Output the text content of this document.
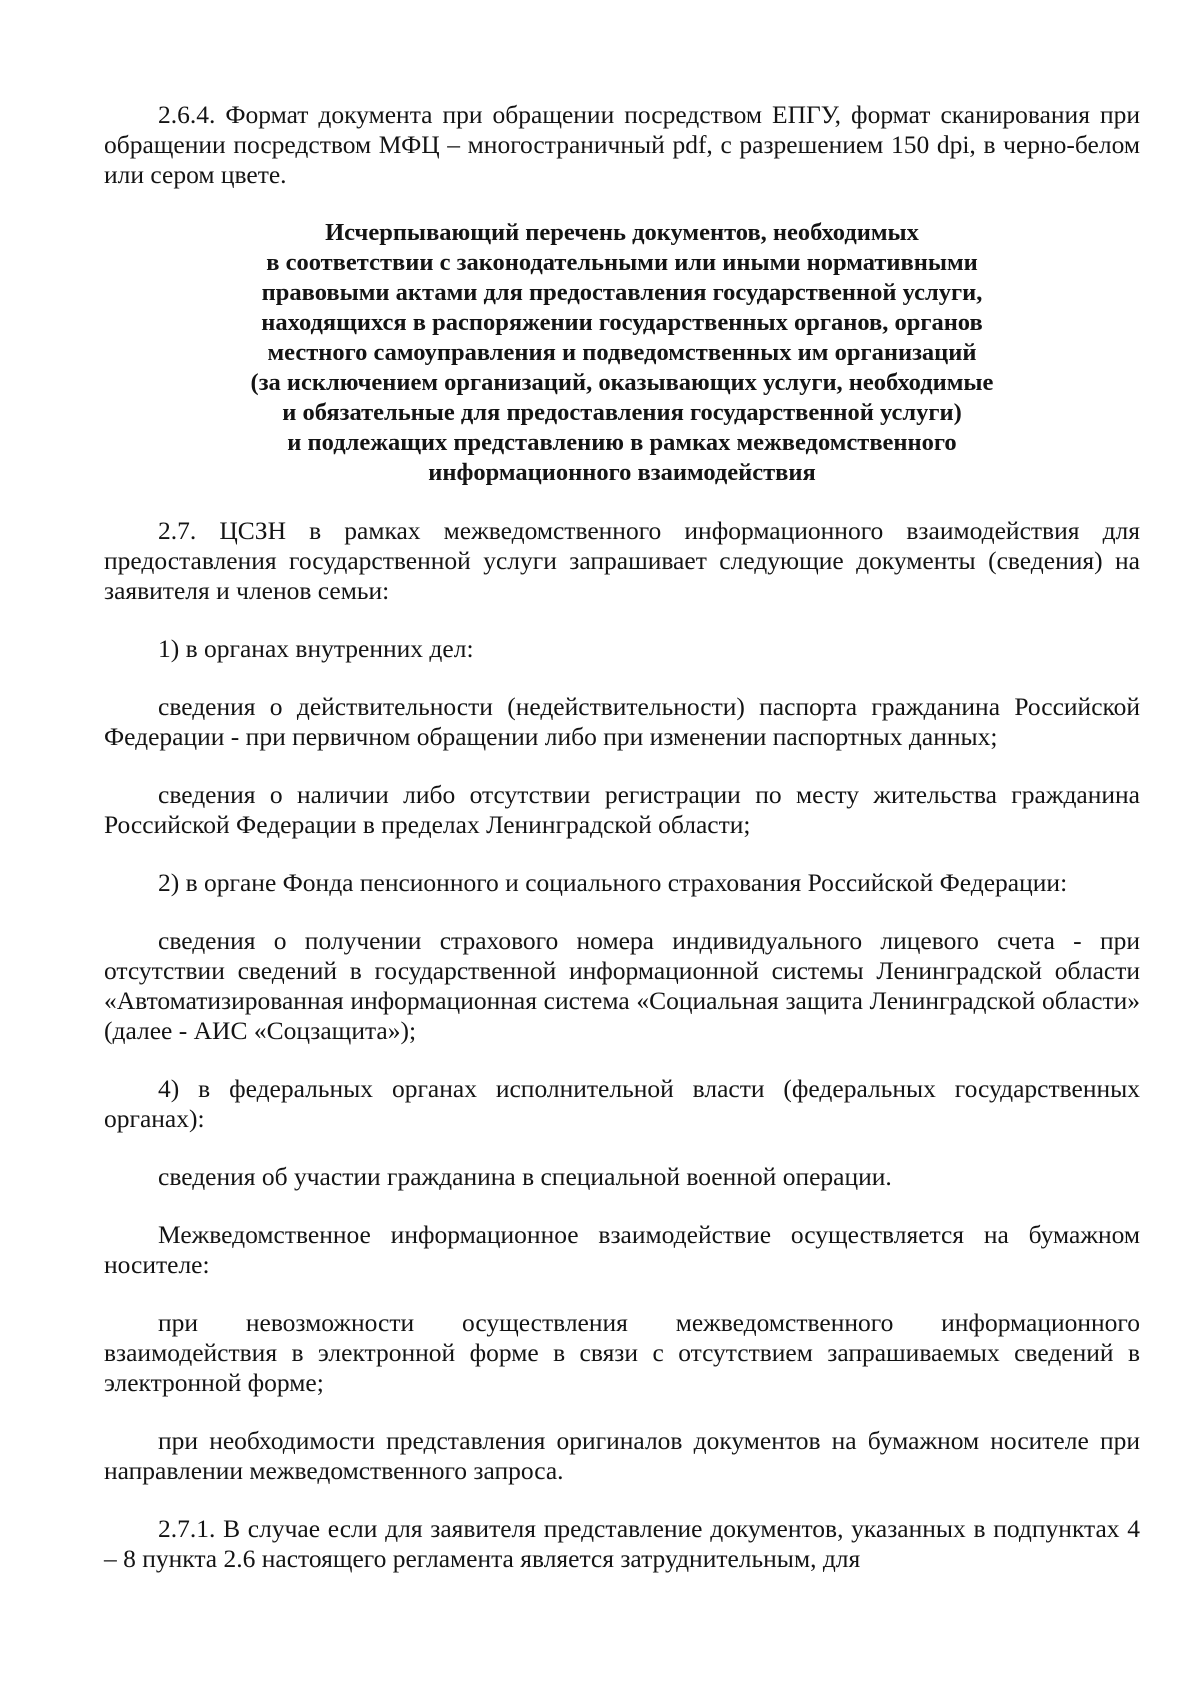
2.6.4. Формат документа при обращении посредством ЕПГУ, формат сканирования при обращении посредством МФЦ – многостраничный pdf, с разрешением 150 dpi, в черно-белом или сером цвете.

Исчерпывающий перечень документов, необходимых
в соответствии с законодательными или иными нормативными
правовыми актами для предоставления государственной услуги,
находящихся в распоряжении государственных органов, органов
местного самоуправления и подведомственных им организаций
(за исключением организаций, оказывающих услуги, необходимые
и обязательные для предоставления государственной услуги)
и подлежащих представлению в рамках межведомственного
информационного взаимодействия

2.7. ЦСЗН в рамках межведомственного информационного взаимодействия для предоставления государственной услуги запрашивает следующие документы (сведения) на заявителя и членов семьи:

1) в органах внутренних дел:

сведения о действительности (недействительности) паспорта гражданина Российской Федерации - при первичном обращении либо при изменении паспортных данных;

сведения о наличии либо отсутствии регистрации по месту жительства гражданина Российской Федерации в пределах Ленинградской области;

2) в органе Фонда пенсионного и социального страхования Российской Федерации:

сведения о получении страхового номера индивидуального лицевого счета - при отсутствии сведений в государственной информационной системы Ленинградской области «Автоматизированная информационная система «Социальная защита Ленинградской области» (далее - АИС «Соцзащита»);

4) в федеральных органах исполнительной власти (федеральных государственных органах):

сведения об участии гражданина в специальной военной операции.

Межведомственное информационное взаимодействие осуществляется на бумажном носителе:

при невозможности осуществления межведомственного информационного взаимодействия в электронной форме в связи с отсутствием запрашиваемых сведений в электронной форме;

при необходимости представления оригиналов документов на бумажном носителе при направлении межведомственного запроса.

2.7.1. В случае если для заявителя представление документов, указанных в подпунктах 4 – 8 пункта 2.6 настоящего регламента является затруднительным, для
